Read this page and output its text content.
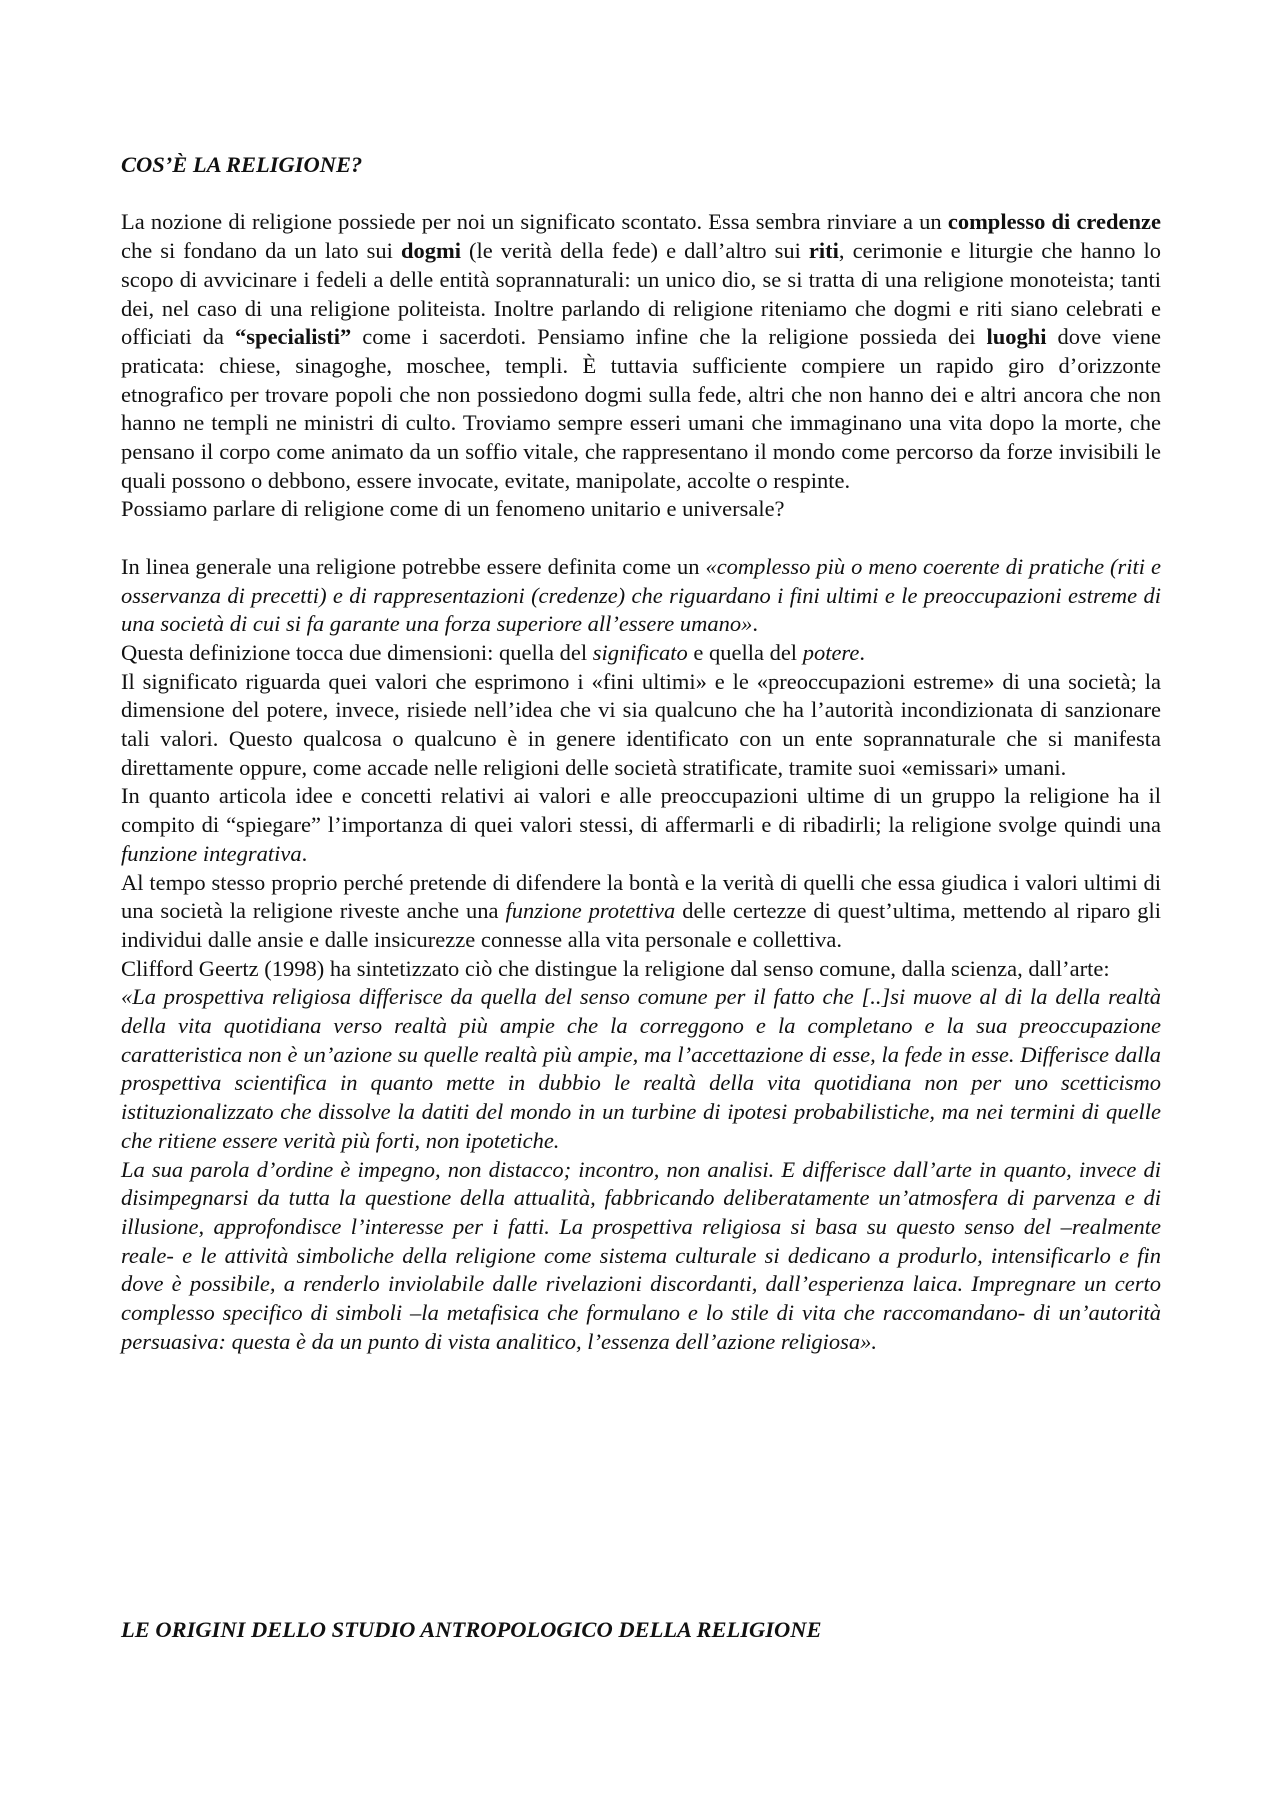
COS’È LA RELIGIONE?

La nozione di religione possiede per noi un significato scontato. Essa sembra rinviare a un complesso di credenze che si fondano da un lato sui dogmi (le verità della fede) e dall’altro sui riti, cerimonie e liturgie che hanno lo scopo di avvicinare i fedeli a delle entità soprannaturali: un unico dio, se si tratta di una religione monoteista; tanti dei, nel caso di una religione politeista. Inoltre parlando di religione riteniamo che dogmi e riti siano celebrati e officiati da “specialisti” come i sacerdoti. Pensiamo infine che la religione possieda dei luoghi dove viene praticata: chiese, sinagoghe, moschee, templi. È tuttavia sufficiente compiere un rapido giro d’orizzonte etnografico per trovare popoli che non possiedono dogmi sulla fede, altri che non hanno dei e altri ancora che non hanno ne templi ne ministri di culto. Troviamo sempre esseri umani che immaginano una vita dopo la morte, che pensano il corpo come animato da un soffio vitale, che rappresentano il mondo come percorso da forze invisibili le quali possono o debbono, essere invocate, evitate, manipolate, accolte o respinte.

Possiamo parlare di religione come di un fenomeno unitario e universale?

In linea generale una religione potrebbe essere definita come un «complesso più o meno coerente di pratiche (riti e osservanza di precetti) e di rappresentazioni (credenze) che riguardano i fini ultimi e le preoccupazioni estreme di una società di cui si fa garante una forza superiore all’essere umano».

Questa definizione tocca due dimensioni: quella del significato e quella del potere.

Il significato riguarda quei valori che esprimono i «fini ultimi» e le «preoccupazioni estreme» di una società; la dimensione del potere, invece, risiede nell’idea che vi sia qualcuno che ha l’autorità incondizionata di sanzionare tali valori. Questo qualcosa o qualcuno è in genere identificato con un ente soprannaturale che si manifesta direttamente oppure, come accade nelle religioni delle società stratificate, tramite suoi «emissari» umani.

In quanto articola idee e concetti relativi ai valori e alle preoccupazioni ultime di un gruppo la religione ha il compito di “spiegare” l’importanza di quei valori stessi, di affermarli e di ribadirli; la religione svolge quindi una funzione integrativa.

Al tempo stesso proprio perché pretende di difendere la bontà e la verità di quelli che essa giudica i valori ultimi di una società la religione riveste anche una funzione protettiva delle certezze di quest’ultima, mettendo al riparo gli individui dalle ansie e dalle insicurezze connesse alla vita personale e collettiva.

Clifford Geertz (1998) ha sintetizzato ciò che distingue la religione dal senso comune, dalla scienza, dall’arte:

«La prospettiva religiosa differisce da quella del senso comune per il fatto che [..]si muove al di la della realtà della vita quotidiana verso realtà più ampie che la correggono e la completano e la sua preoccupazione caratteristica non è un’azione su quelle realtà più ampie, ma l’accettazione di esse, la fede in esse. Differisce dalla prospettiva scientifica in quanto mette in dubbio le realtà della vita quotidiana non per uno scetticismo istituzionalizzato che dissolve la datiti del mondo in un turbine di ipotesi probabilistiche, ma nei termini di quelle che ritiene essere verità più forti, non ipotetiche.

La sua parola d’ordine è impegno, non distacco; incontro, non analisi. E differisce dall’arte in quanto, invece di disimpegnarsi da tutta la questione della attualità, fabbricando deliberatamente un’atmosfera di parvenza e di illusione, approfondisce l’interesse per i fatti. La prospettiva religiosa si basa su questo senso del –realmente reale- e le attività simboliche della religione come sistema culturale si dedicano a produrlo, intensificarlo e fin dove è possibile, a renderlo inviolabile dalle rivelazioni discordanti, dall’esperienza laica. Impregnare un certo complesso specifico di simboli –la metafisica che formulano e lo stile di vita che raccomandano- di un’autorità persuasiva: questa è da un punto di vista analitico, l’essenza dell’azione religiosa».

LE ORIGINI DELLO STUDIO ANTROPOLOGICO DELLA RELIGIONE
